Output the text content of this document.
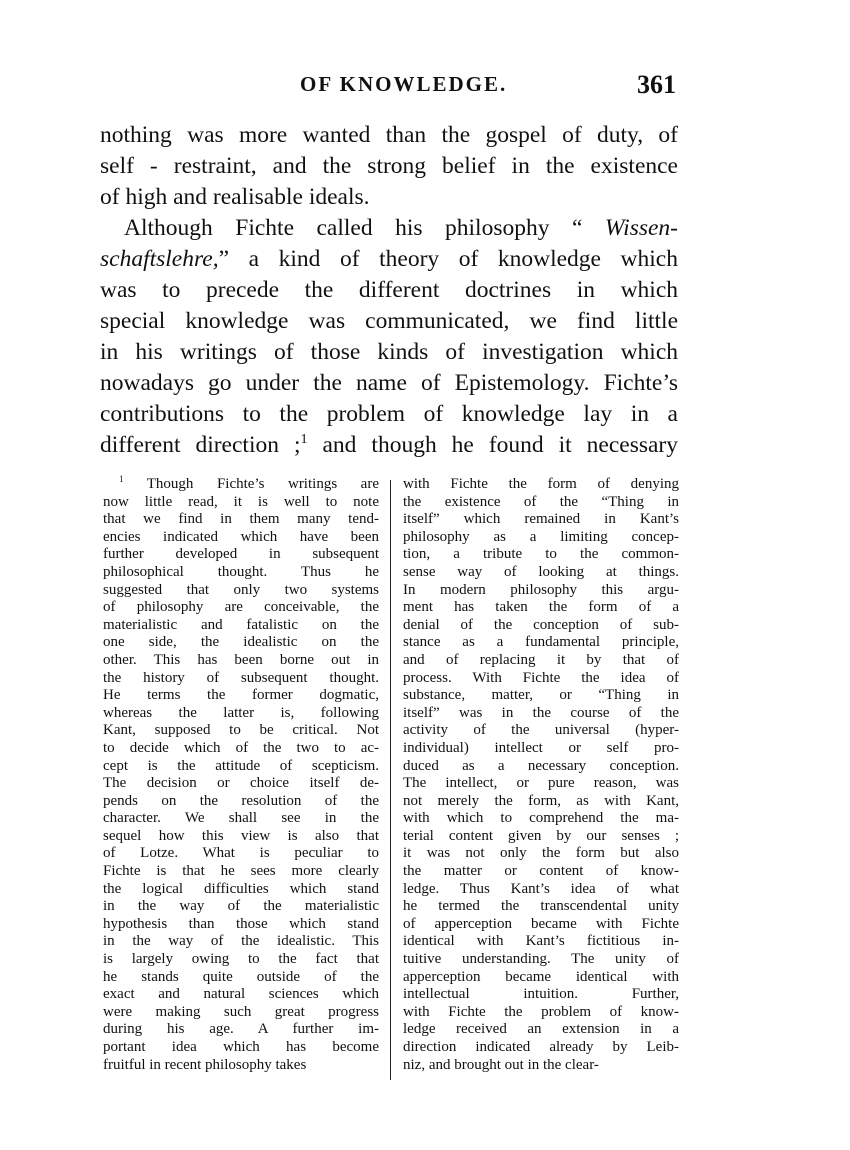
OF KNOWLEDGE.	361
nothing was more wanted than the gospel of duty, of
self - restraint, and the strong belief in the existence
of high and realisable ideals.
Although Fichte called his philosophy “ Wissen-
schaftslehre,” a kind of theory of knowledge which
was to precede the different doctrines in which
special knowledge was communicated, we find little
in his writings of those kinds of investigation which
nowadays go under the name of Epistemology. Fichte’s
contributions to the problem of knowledge lay in a
different direction ;$^1$ and though he found it necessary
$^1$ Though Fichte’s writings are
now little read, it is well to note
that we find in them many tend-
encies indicated which have been
further developed in subsequent
philosophical thought. Thus he
suggested that only two systems
of philosophy are conceivable, the
materialistic and fatalistic on the
one side, the idealistic on the
other. This has been borne out in
the history of subsequent thought.
He terms the former dogmatic,
whereas the latter is, following
Kant, supposed to be critical. Not
to decide which of the two to ac-
cept is the attitude of scepticism.
The decision or choice itself de-
pends on the resolution of the
character. We shall see in the
sequel how this view is also that
of Lotze. What is peculiar to
Fichte is that he sees more clearly
the logical difficulties which stand
in the way of the materialistic
hypothesis than those which stand
in the way of the idealistic. This
is largely owing to the fact that
he stands quite outside of the
exact and natural sciences which
were making such great progress
during his age. A further im-
portant idea which has become
fruitful in recent philosophy takes
with Fichte the form of denying
the existence of the “Thing in
itself” which remained in Kant’s
philosophy as a limiting concep-
tion, a tribute to the common-
sense way of looking at things.
In modern philosophy this argu-
ment has taken the form of a
denial of the conception of sub-
stance as a fundamental principle,
and of replacing it by that of
process. With Fichte the idea of
substance, matter, or “Thing in
itself” was in the course of the
activity of the universal (hyper-
individual) intellect or self pro-
duced as a necessary conception.
The intellect, or pure reason, was
not merely the form, as with Kant,
with which to comprehend the ma-
terial content given by our senses ;
it was not only the form but also
the matter or content of know-
ledge. Thus Kant’s idea of what
he termed the transcendental unity
of apperception became with Fichte
identical with Kant’s fictitious in-
tuitive understanding. The unity of
apperception became identical with
intellectual intuition. Further,
with Fichte the problem of know-
ledge received an extension in a
direction indicated already by Leib-
niz, and brought out in the clear-
